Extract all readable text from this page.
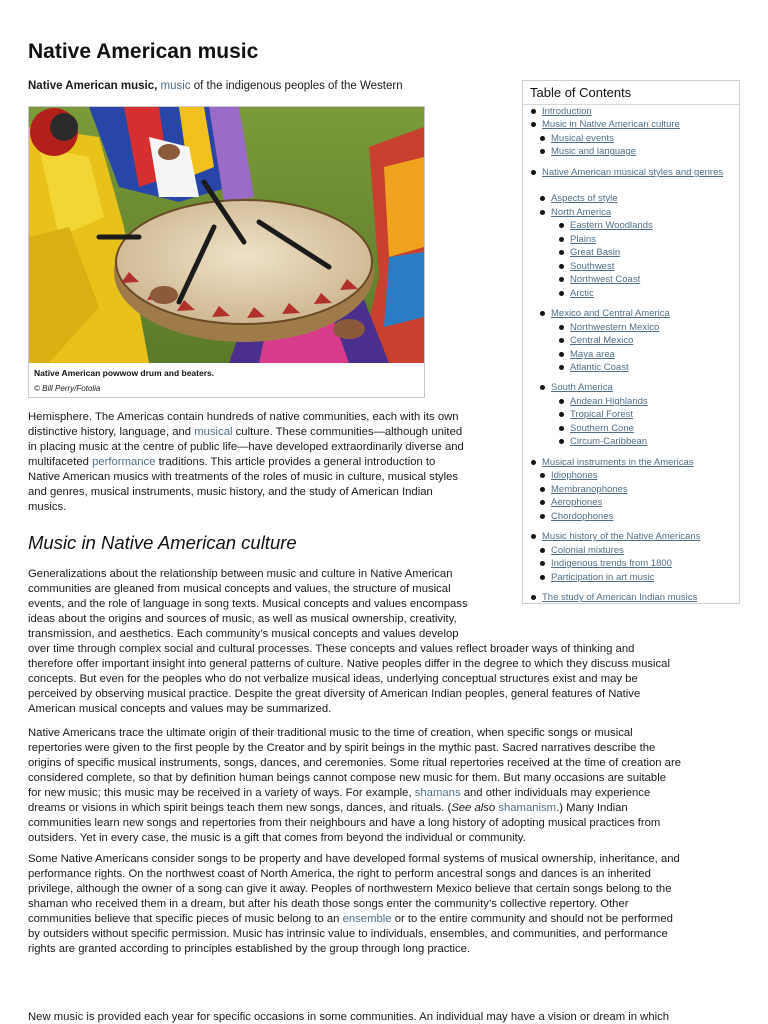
Native American music
Native American music, music of the indigenous peoples of the Western
Native American powwow drum and beaters.
© Bill Perry/Fotolia
Table of Contents
Introduction
Music in Native American culture
Musical events
Music and language
Native American musical styles and genres
Aspects of style
North America
Eastern Woodlands
Plains
Great Basin
Southwest
Northwest Coast
Arctic
Mexico and Central America
Northwestern Mexico
Central Mexico
Maya area
Atlantic Coast
South America
Andean Highlands
Tropical Forest
Southern Cone
Circum-Caribbean
Musical instruments in the Americas
Idiophones
Membranophones
Aerophones
Chordophones
Music history of the Native Americans
Colonial mixtures
Indigenous trends from 1800
Participation in art music
The study of American Indian musics
Hemisphere. The Americas contain hundreds of native communities, each with its own
distinctive history, language, and musical culture. These communities—although united
in placing music at the centre of public life—have developed extraordinarily diverse and
multifaceted performance traditions. This article provides a general introduction to
Native American musics with treatments of the roles of music in culture, musical styles
and genres, musical instruments, music history, and the study of American Indian
musics.
Music in Native American culture
Generalizations about the relationship between music and culture in Native American
communities are gleaned from musical concepts and values, the structure of musical
events, and the role of language in song texts. Musical concepts and values encompass
ideas about the origins and sources of music, as well as musical ownership, creativity,
transmission, and aesthetics. Each community’s musical concepts and values develop
over time through complex social and cultural processes. These concepts and values reflect broader ways of thinking and
therefore offer important insight into general patterns of culture. Native peoples differ in the degree to which they discuss musical
concepts. But even for the peoples who do not verbalize musical ideas, underlying conceptual structures exist and may be
perceived by observing musical practice. Despite the great diversity of American Indian peoples, general features of Native
American musical concepts and values may be summarized.
Native Americans trace the ultimate origin of their traditional music to the time of creation, when specific songs or musical
repertories were given to the first people by the Creator and by spirit beings in the mythic past. Sacred narratives describe the
origins of specific musical instruments, songs, dances, and ceremonies. Some ritual repertories received at the time of creation are
considered complete, so that by definition human beings cannot compose new music for them. But many occasions are suitable
for new music; this music may be received in a variety of ways. For example, shamans and other individuals may experience
dreams or visions in which spirit beings teach them new songs, dances, and rituals. (See also shamanism.) Many Indian
communities learn new songs and repertories from their neighbours and have a long history of adopting musical practices from
outsiders. Yet in every case, the music is a gift that comes from beyond the individual or community.
Some Native Americans consider songs to be property and have developed formal systems of musical ownership, inheritance, and
performance rights. On the northwest coast of North America, the right to perform ancestral songs and dances is an inherited
privilege, although the owner of a song can give it away. Peoples of northwestern Mexico believe that certain songs belong to the
shaman who received them in a dream, but after his death those songs enter the community’s collective repertory. Other
communities believe that specific pieces of music belong to an ensemble or to the entire community and should not be performed
by outsiders without specific permission. Music has intrinsic value to individuals, ensembles, and communities, and performance
rights are granted according to principles established by the group through long practice.
New music is provided each year for specific occasions in some communities. An individual may have a vision or dream in which
